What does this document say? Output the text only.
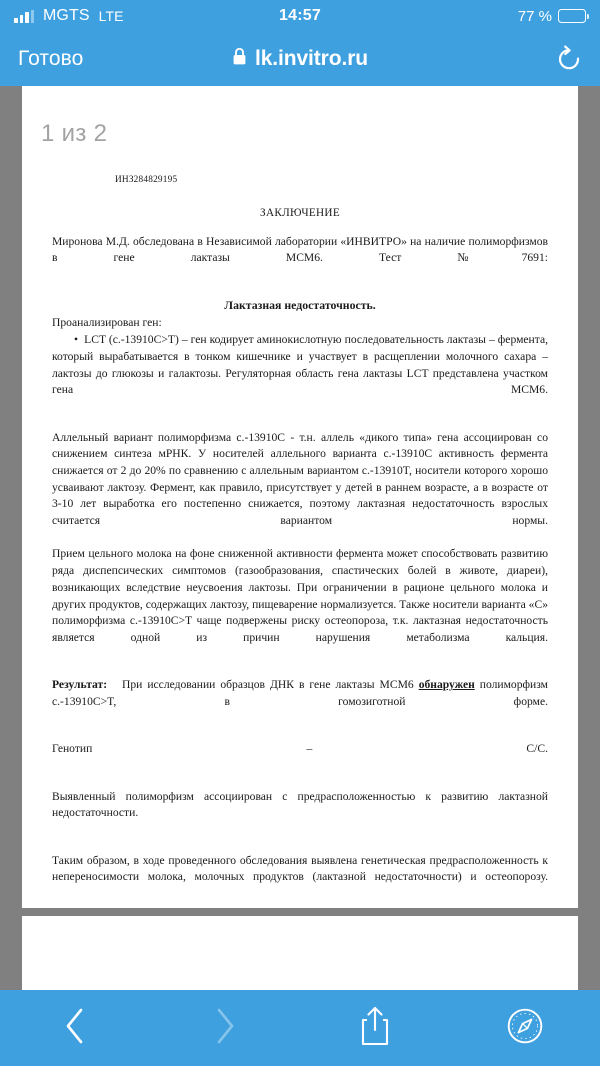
MGTS LTE	14:57	77 %
Готово	lk.invitro.ru
1 из 2
ИНЗ284829195
ЗАКЛЮЧЕНИЕ

Миронова М.Д. обследована в Независимой лаборатории «ИНВИТРО» на наличие полиморфизмов в гене лактазы MCM6. Тест №7691:

Лактазная недостаточность.
Проанализирован ген:

• LCT (c.-13910C>T) – ген кодирует аминокислотную последовательность лактазы – фермента, который вырабатывается в тонком кишечнике и участвует в расщеплении молочного сахара – лактозы до глюкозы и галактозы. Регуляторная область гена лактазы LCT представлена участком гена MCM6.

Аллельный вариант полиморфизма c.-13910C - т.н. аллель «дикого типа» гена ассоциирован со снижением синтеза мРНК. У носителей аллельного варианта c.-13910C активность фермента снижается от 2 до 20% по сравнению с аллельным вариантом c.-13910T, носители которого хорошо усваивают лактозу. Фермент, как правило, присутствует у детей в раннем возрасте, а в возрасте от 3-10 лет выработка его постепенно снижается, поэтому лактазная недостаточность взрослых считается вариантом нормы.

Прием цельного молока на фоне сниженной активности фермента может способствовать развитию ряда диспепсических симптомов (газообразования, спастических болей в животе, диареи), возникающих вследствие неусвоения лактозы. При ограничении в рационе цельного молока и других продуктов, содержащих лактозу, пищеварение нормализуется. Также носители варианта «С» полиморфизма c.-13910C>T чаще подвержены риску остеопороза, т.к. лактазная недостаточность является одной из причин нарушения метаболизма кальция.

Результат: При исследовании образцов ДНК в гене лактазы MCM6 обнаружен полиморфизм c.-13910C>T, в гомозиготной форме.

Генотип – С/С.

Выявленный полиморфизм ассоциирован с предрасположенностью к развитию лактазной недостаточности.

Таким образом, в ходе проведенного обследования выявлена генетическая предрасположенность к непереносимости молока, молочных продуктов (лактазной недостаточности) и остеопорозу.
